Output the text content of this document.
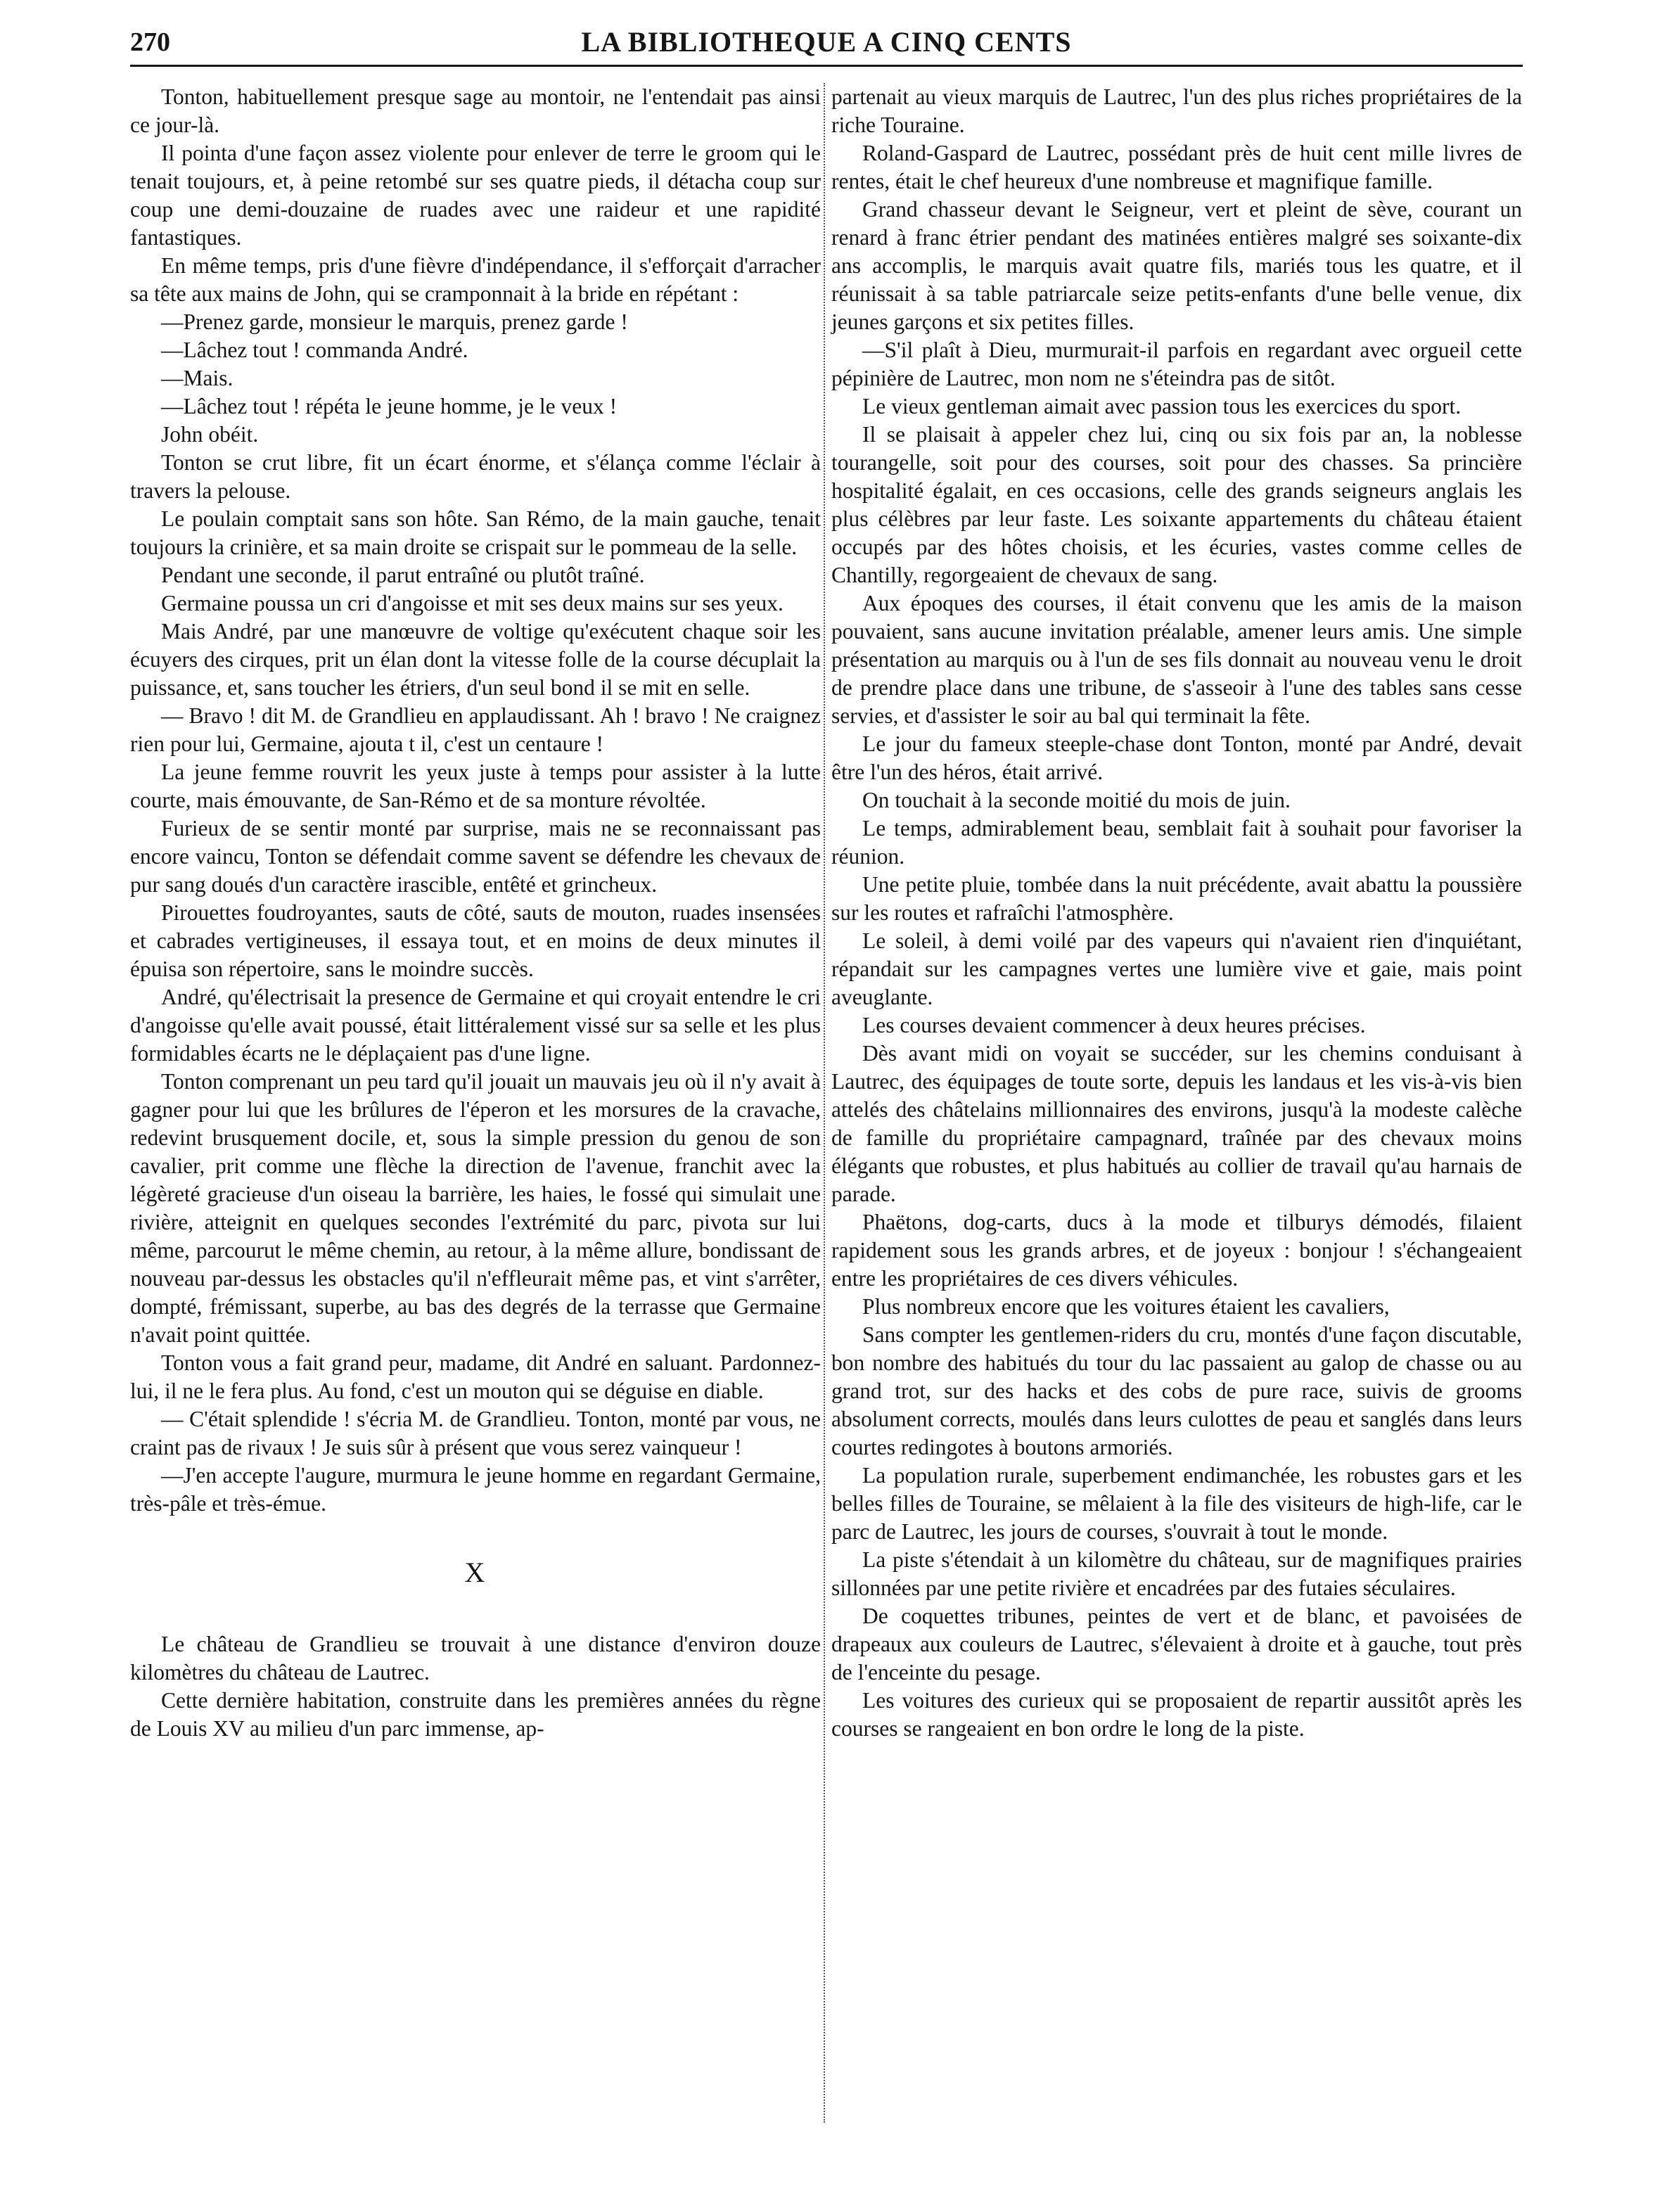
270	LA BIBLIOTHEQUE A CINQ CENTS

Tonton, habituellement presque sage au montoir, ne l'entendait pas ainsi ce jour-là.

Il pointa d'une façon assez violente pour enlever de terre le groom qui le tenait toujours, et, à peine retombé sur ses quatre pieds, il détacha coup sur coup une demi-douzaine de ruades avec une raideur et une rapidité fantastiques.

En même temps, pris d'une fièvre d'indépendance, il s'efforçait d'arracher sa tête aux mains de John, qui se cramponnait à la bride en répétant :

—Prenez garde, monsieur le marquis, prenez garde !

—Lâchez tout ! commanda André.

—Mais.

—Lâchez tout ! répéta le jeune homme, je le veux !

John obéit.

Tonton se crut libre, fit un écart énorme, et s'élança comme l'éclair à travers la pelouse.

Le poulain comptait sans son hôte. San Rémo, de la main gauche, tenait toujours la crinière, et sa main droite se crispait sur le pommeau de la selle.

Pendant une seconde, il parut entraîné ou plutôt traîné.

Germaine poussa un cri d'angoisse et mit ses deux mains sur ses yeux.

Mais André, par une manœuvre de voltige qu'exécutent chaque soir les écuyers des cirques, prit un élan dont la vitesse folle de la course décuplait la puissance, et, sans toucher les étriers, d'un seul bond il se mit en selle.

— Bravo ! dit M. de Grandlieu en applaudissant. Ah ! bravo ! Ne craignez rien pour lui, Germaine, ajouta t il, c'est un centaure !

La jeune femme rouvrit les yeux juste à temps pour assister à la lutte courte, mais émouvante, de San-Rémo et de sa monture révoltée.

Furieux de se sentir monté par surprise, mais ne se reconnaissant pas encore vaincu, Tonton se défendait comme savent se défendre les chevaux de pur sang doués d'un caractère irascible, entêté et grincheux.

Pirouettes foudroyantes, sauts de côté, sauts de mouton, ruades insensées et cabrades vertigineuses, il essaya tout, et en moins de deux minutes il épuisa son répertoire, sans le moindre succès.

André, qu'électrisait la presence de Germaine et qui croyait entendre le cri d'angoisse qu'elle avait poussé, était littéralement vissé sur sa selle et les plus formidables écarts ne le déplaçaient pas d'une ligne.

Tonton comprenant un peu tard qu'il jouait un mauvais jeu où il n'y avait à gagner pour lui que les brûlures de l'éperon et les morsures de la cravache, redevint brusquement docile, et, sous la simple pression du genou de son cavalier, prit comme une flèche la direction de l'avenue, franchit avec la légèreté gracieuse d'un oiseau la barrière, les haies, le fossé qui simulait une rivière, atteignit en quelques secondes l'extrémité du parc, pivota sur lui même, parcourut le même chemin, au retour, à la même allure, bondissant de nouveau par-dessus les obstacles qu'il n'effleurait même pas, et vint s'arrêter, dompté, frémissant, superbe, au bas des degrés de la terrasse que Germaine n'avait point quittée.

Tonton vous a fait grand peur, madame, dit André en saluant. Pardonnez-lui, il ne le fera plus. Au fond, c'est un mouton qui se déguise en diable.

— C'était splendide ! s'écria M. de Grandlieu. Tonton, monté par vous, ne craint pas de rivaux ! Je suis sûr à présent que vous serez vainqueur !

—J'en accepte l'augure, murmura le jeune homme en regardant Germaine, très-pâle et très-émue.

X

Le château de Grandlieu se trouvait à une distance d'environ douze kilomètres du château de Lautrec.

Cette dernière habitation, construite dans les premières années du règne de Louis XV au milieu d'un parc immense, ap-

partenait au vieux marquis de Lautrec, l'un des plus riches propriétaires de la riche Touraine.

Roland-Gaspard de Lautrec, possédant près de huit cent mille livres de rentes, était le chef heureux d'une nombreuse et magnifique famille.

Grand chasseur devant le Seigneur, vert et pleint de sève, courant un renard à franc étrier pendant des matinées entières malgré ses soixante-dix ans accomplis, le marquis avait quatre fils, mariés tous les quatre, et il réunissait à sa table patriarcale seize petits-enfants d'une belle venue, dix jeunes garçons et six petites filles.

—S'il plaît à Dieu, murmurait-il parfois en regardant avec orgueil cette pépinière de Lautrec, mon nom ne s'éteindra pas de sitôt.

Le vieux gentleman aimait avec passion tous les exercices du sport.

Il se plaisait à appeler chez lui, cinq ou six fois par an, la noblesse tourangelle, soit pour des courses, soit pour des chasses. Sa princière hospitalité égalait, en ces occasions, celle des grands seigneurs anglais les plus célèbres par leur faste. Les soixante appartements du château étaient occupés par des hôtes choisis, et les écuries, vastes comme celles de Chantilly, regorgeaient de chevaux de sang.

Aux époques des courses, il était convenu que les amis de la maison pouvaient, sans aucune invitation préalable, amener leurs amis. Une simple présentation au marquis ou à l'un de ses fils donnait au nouveau venu le droit de prendre place dans une tribune, de s'asseoir à l'une des tables sans cesse servies, et d'assister le soir au bal qui terminait la fête.

Le jour du fameux steeple-chase dont Tonton, monté par André, devait être l'un des héros, était arrivé.

On touchait à la seconde moitié du mois de juin.

Le temps, admirablement beau, semblait fait à souhait pour favoriser la réunion.

Une petite pluie, tombée dans la nuit précédente, avait abattu la poussière sur les routes et rafraîchi l'atmosphère.

Le soleil, à demi voilé par des vapeurs qui n'avaient rien d'inquiétant, répandait sur les campagnes vertes une lumière vive et gaie, mais point aveuglante.

Les courses devaient commencer à deux heures précises.

Dès avant midi on voyait se succéder, sur les chemins conduisant à Lautrec, des équipages de toute sorte, depuis les landaus et les vis-à-vis bien attelés des châtelains millionnaires des environs, jusqu'à la modeste calèche de famille du propriétaire campagnard, traînée par des chevaux moins élégants que robustes, et plus habitués au collier de travail qu'au harnais de parade.

Phaëtons, dog-carts, ducs à la mode et tilburys démodés, filaient rapidement sous les grands arbres, et de joyeux : bonjour ! s'échangeaient entre les propriétaires de ces divers véhicules.

Plus nombreux encore que les voitures étaient les cavaliers,

Sans compter les gentlemen-riders du cru, montés d'une façon discutable, bon nombre des habitués du tour du lac passaient au galop de chasse ou au grand trot, sur des hacks et des cobs de pure race, suivis de grooms absolument corrects, moulés dans leurs culottes de peau et sanglés dans leurs courtes redingotes à boutons armoriés.

La population rurale, superbement endimanchée, les robustes gars et les belles filles de Touraine, se mêlaient à la file des visiteurs de high-life, car le parc de Lautrec, les jours de courses, s'ouvrait à tout le monde.

La piste s'étendait à un kilomètre du château, sur de magnifiques prairies sillonnées par une petite rivière et encadrées par des futaies séculaires.

De coquettes tribunes, peintes de vert et de blanc, et pavoisées de drapeaux aux couleurs de Lautrec, s'élevaient à droite et à gauche, tout près de l'enceinte du pesage.

Les voitures des curieux qui se proposaient de repartir aussitôt après les courses se rangeaient en bon ordre le long de la piste.
